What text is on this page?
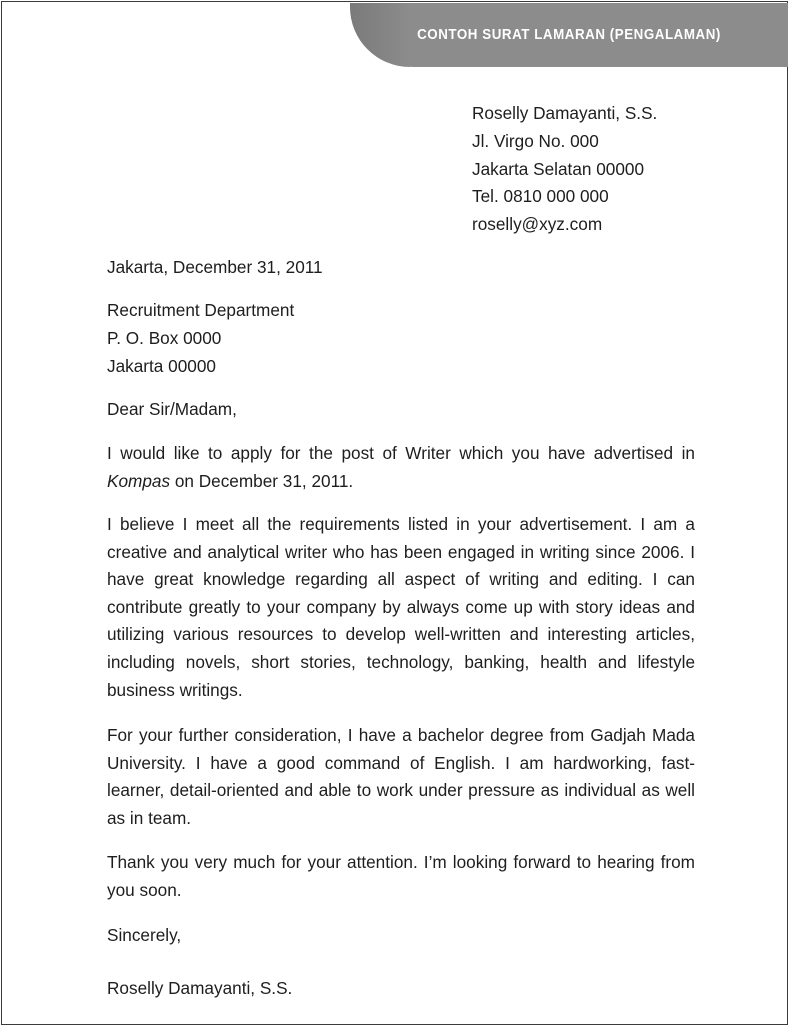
CONTOH SURAT LAMARAN (PENGALAMAN)
Roselly Damayanti, S.S.
Jl. Virgo No. 000
Jakarta Selatan 00000
Tel. 0810 000 000
roselly@xyz.com
Jakarta, December 31, 2011
Recruitment Department
P. O. Box 0000
Jakarta 00000
Dear Sir/Madam,

I would like to apply for the post of Writer which you have advertised in Kompas on December 31, 2011.

I believe I meet all the requirements listed in your advertisement. I am a creative and analytical writer who has been engaged in writing since 2006. I have great knowledge regarding all aspect of writing and editing. I can contribute greatly to your company by always come up with story ideas and utilizing various resources to develop well-written and interesting articles, including novels, short stories, technology, banking, health and lifestyle business writings.

For your further consideration, I have a bachelor degree from Gadjah Mada University. I have a good command of English. I am hardworking, fast-learner, detail-oriented and able to work under pressure as individual as well as in team.

Thank you very much for your attention. I’m looking forward to hearing from you soon.

Sincerely,
Roselly Damayanti, S.S.
